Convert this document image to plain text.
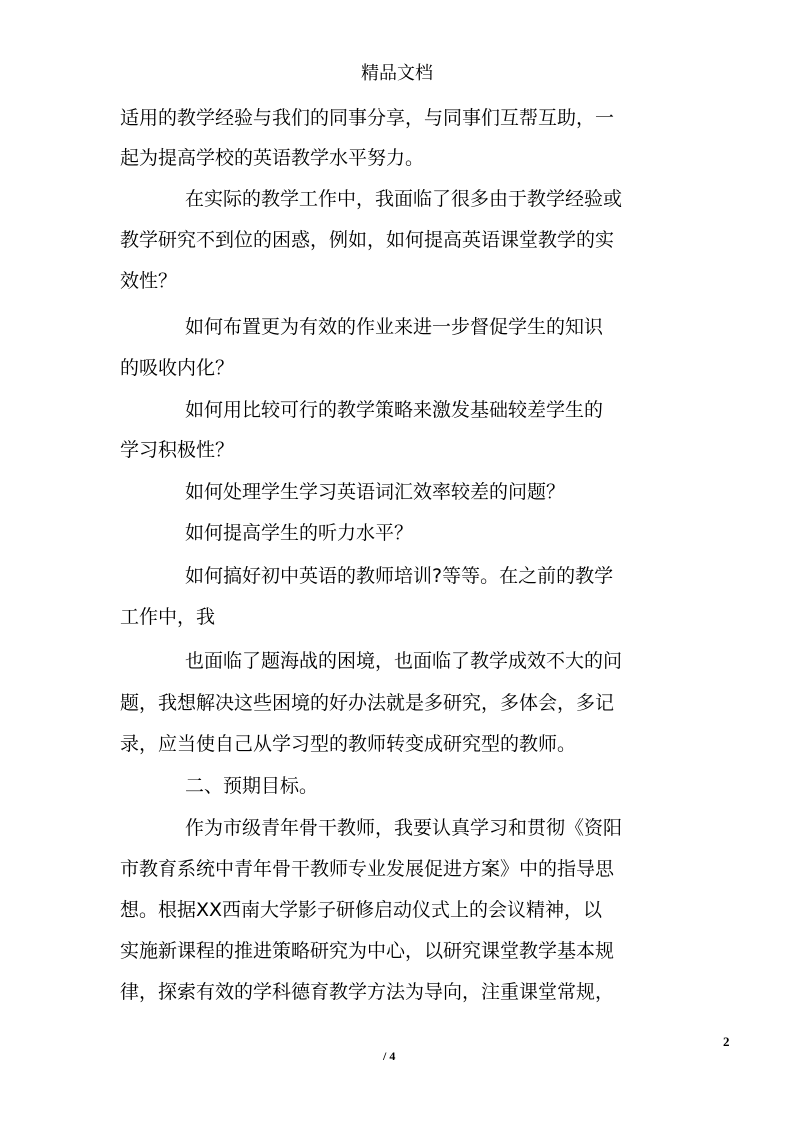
精品文档
适用的教学经验与我们的同事分享，与同事们互帮互助，一
起为提高学校的英语教学水平努力。
在实际的教学工作中，我面临了很多由于教学经验或
教学研究不到位的困惑，例如，如何提高英语课堂教学的实
效性？
如何布置更为有效的作业来进一步督促学生的知识
的吸收内化？
如何用比较可行的教学策略来激发基础较差学生的
学习积极性？
如何处理学生学习英语词汇效率较差的问题？
如何提高学生的听力水平？
如何搞好初中英语的教师培训?等等。在之前的教学
工作中，我
也面临了题海战的困境，也面临了教学成效不大的问
题，我想解决这些困境的好办法就是多研究，多体会，多记
录，应当使自己从学习型的教师转变成研究型的教师。
二、预期目标。
作为市级青年骨干教师，我要认真学习和贯彻《资阳
市教育系统中青年骨干教师专业发展促进方案》中的指导思
想。根据XX西南大学影子研修启动仪式上的会议精神，以
实施新课程的推进策略研究为中心，以研究课堂教学基本规
律，探索有效的学科德育教学方法为导向，注重课堂常规，
2
/ 4
